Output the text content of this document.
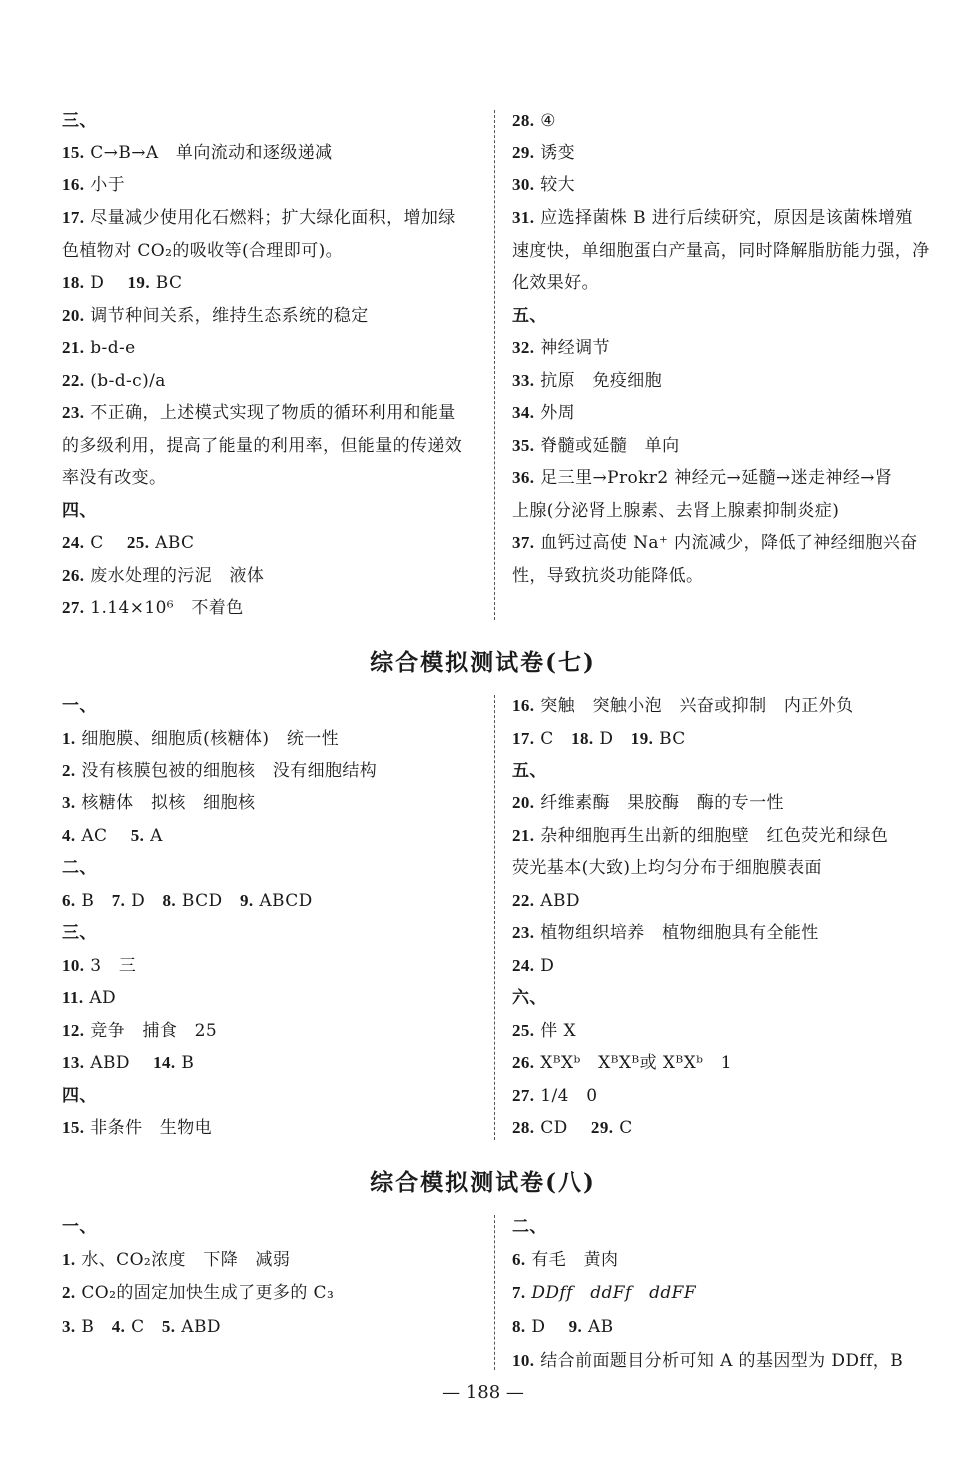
三、
15. C→B→A　单向流动和逐级递减
16. 小于
17. 尽量减少使用化石燃料；扩大绿化面积，增加绿
色植物对 CO₂的吸收等(合理即可)。
18. D　 19. BC
20. 调节种间关系，维持生态系统的稳定
21. b-d-e
22. (b-d-c)/a
23. 不正确，上述模式实现了物质的循环利用和能量
的多级利用，提高了能量的利用率，但能量的传递效
率没有改变。
四、
24. C　 25. ABC
26. 废水处理的污泥　液体
27. 1.14×10⁶　不着色
28. ④
29. 诱变
30. 较大
31. 应选择菌株 B 进行后续研究，原因是该菌株增殖
速度快，单细胞蛋白产量高，同时降解脂肪能力强，净
化效果好。
五、
32. 神经调节
33. 抗原　免疫细胞
34. 外周
35. 脊髓或延髓　单向
36. 足三里→Prokr2 神经元→延髓→迷走神经→肾
上腺(分泌肾上腺素、去肾上腺素抑制炎症)
37. 血钙过高使 Na⁺ 内流减少，降低了神经细胞兴奋
性，导致抗炎功能降低。
综合模拟测试卷(七)
一、
1. 细胞膜、细胞质(核糖体)　统一性
2. 没有核膜包被的细胞核　没有细胞结构
3. 核糖体　拟核　细胞核
4. AC　 5. A
二、
6. B　 7. D　 8. BCD　 9. ABCD
三、
10. 3　三
11. AD
12. 竞争　捕食　25
13. ABD　 14. B
四、
15. 非条件　生物电
16. 突触　突触小泡　兴奋或抑制　内正外负
17. C　 18. D　 19. BC
五、
20. 纤维素酶　果胶酶　酶的专一性
21. 杂种细胞再生出新的细胞壁　红色荧光和绿色
荧光基本(大致)上均匀分布于细胞膜表面
22. ABD
23. 植物组织培养　植物细胞具有全能性
24. D
六、
25. 伴 X
26. XᴮXᵇ　XᴮXᴮ或 XᴮXᵇ　1
27. 1/4　0
28. CD　 29. C
综合模拟测试卷(八)
一、
1. 水、CO₂浓度　下降　减弱
2. CO₂的固定加快生成了更多的 C₃
3. B　 4. C　 5. ABD
二、
6. 有毛　黄肉
7. DDff　ddFf　ddFF
8. D　 9. AB
10. 结合前面题目分析可知 A 的基因型为 DDff，B
— 188 —
